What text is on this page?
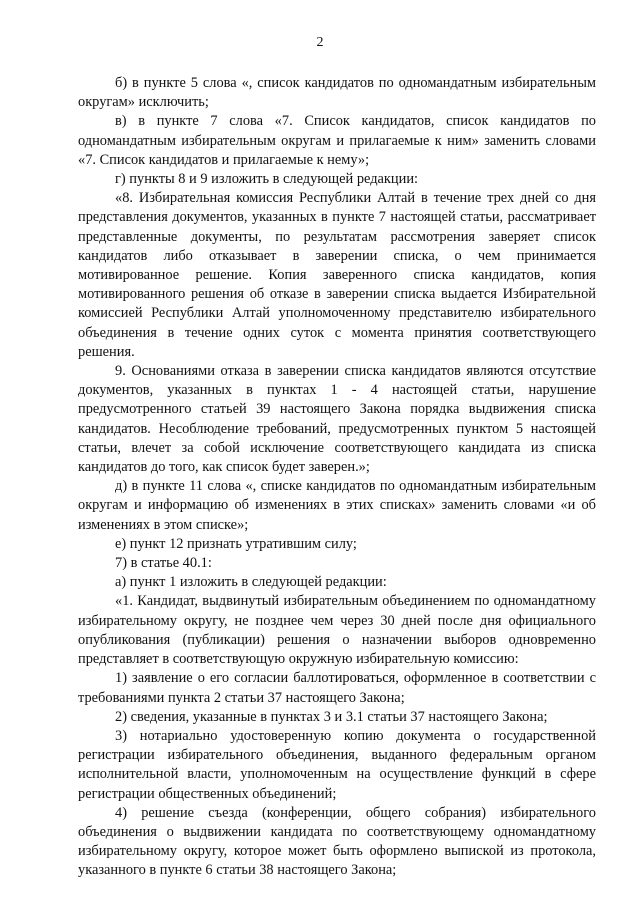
2

б) в пункте 5 слова «, список кандидатов по одномандатным избирательным округам» исключить;

в) в пункте 7 слова «7. Список кандидатов, список кандидатов по одномандатным избирательным округам и прилагаемые к ним» заменить словами «7. Список кандидатов и прилагаемые к нему»;

г) пункты 8 и 9 изложить в следующей редакции:

«8. Избирательная комиссия Республики Алтай в течение трех дней со дня представления документов, указанных в пункте 7 настоящей статьи, рассматривает представленные документы, по результатам рассмотрения заверяет список кандидатов либо отказывает в заверении списка, о чем принимается мотивированное решение. Копия заверенного списка кандидатов, копия мотивированного решения об отказе в заверении списка выдается Избирательной комиссией Республики Алтай уполномоченному представителю избирательного объединения в течение одних суток с момента принятия соответствующего решения.

9. Основаниями отказа в заверении списка кандидатов являются отсутствие документов, указанных в пунктах 1 - 4 настоящей статьи, нарушение предусмотренного статьей 39 настоящего Закона порядка выдвижения списка кандидатов. Несоблюдение требований, предусмотренных пунктом 5 настоящей статьи, влечет за собой исключение соответствующего кандидата из списка кандидатов до того, как список будет заверен.»;

д) в пункте 11 слова «, списке кандидатов по одномандатным избирательным округам и информацию об изменениях в этих списках» заменить словами «и об изменениях в этом списке»;

е) пункт 12 признать утратившим силу;

7) в статье 40.1:

а) пункт 1 изложить в следующей редакции:

«1. Кандидат, выдвинутый избирательным объединением по одномандатному избирательному округу, не позднее чем через 30 дней после дня официального опубликования (публикации) решения о назначении выборов одновременно представляет в соответствующую окружную избирательную комиссию:

1) заявление о его согласии баллотироваться, оформленное в соответствии с требованиями пункта 2 статьи 37 настоящего Закона;

2) сведения, указанные в пунктах 3 и 3.1 статьи 37 настоящего Закона;

3) нотариально удостоверенную копию документа о государственной регистрации избирательного объединения, выданного федеральным органом исполнительной власти, уполномоченным на осуществление функций в сфере регистрации общественных объединений;

4) решение съезда (конференции, общего собрания) избирательного объединения о выдвижении кандидата по соответствующему одномандатному избирательному округу, которое может быть оформлено выпиской из протокола, указанного в пункте 6 статьи 38 настоящего Закона;
